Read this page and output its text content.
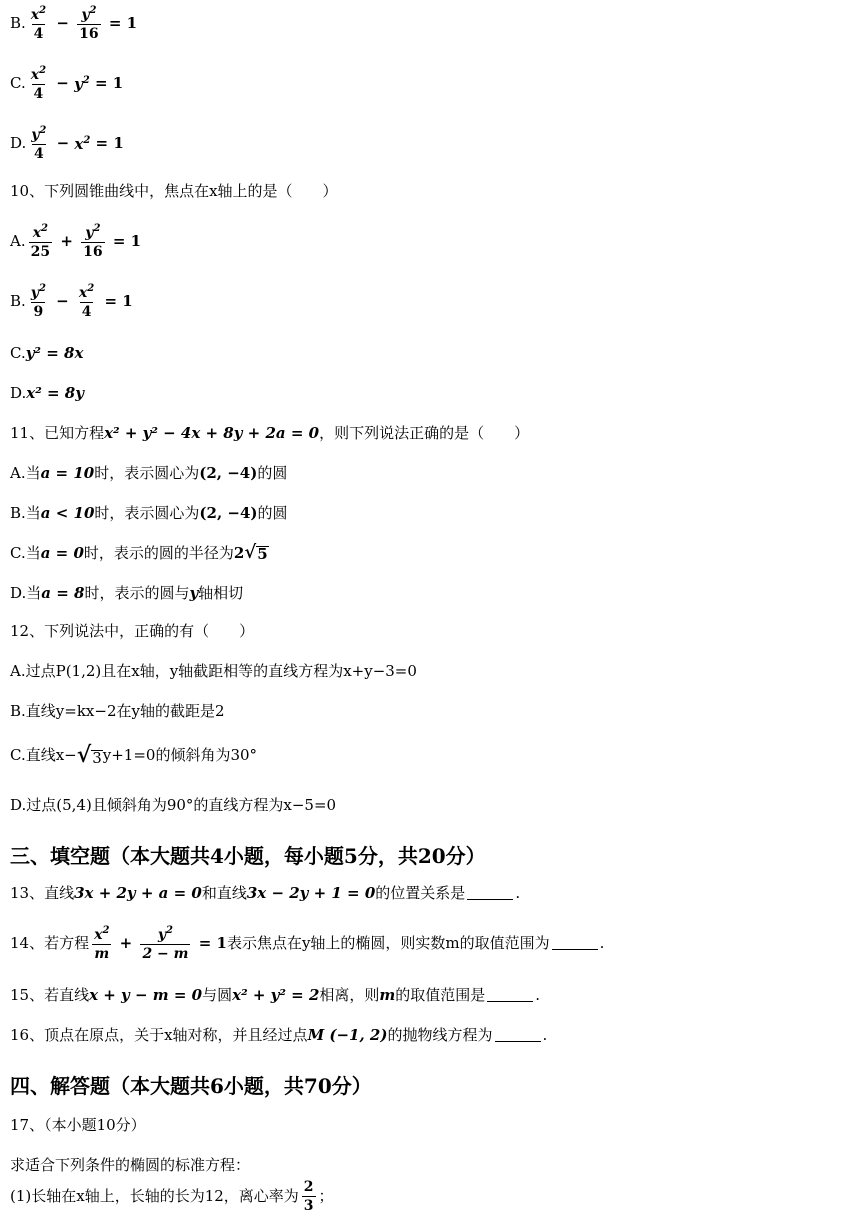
B. $\frac{x^2}{4} - \frac{y^2}{16} = 1$
C. $\frac{x^2}{4} - y^2 = 1$
D. $\frac{y^2}{4} - x^2 = 1$
10、下列圆锥曲线中，焦点在x轴上的是（　　）
A. $\frac{x^2}{25} + \frac{y^2}{16} = 1$
B. $\frac{y^2}{9} - \frac{x^2}{4} = 1$
C. y² = 8x
D. x² = 8y
11、已知方程 x² + y² − 4x + 8y + 2a = 0 ，则下列说法正确的是（　　）
A.当 a = 10 时，表示圆心为 (2, −4) 的圆
B.当 a < 10 时，表示圆心为 (2, −4) 的圆
C.当 a = 0 时，表示的圆的半径为 2 √ 5
D.当 a = 8 时，表示的圆与 y 轴相切
12、下列说法中，正确的有（　　）
A.过点P(1,2)且在x轴，y轴截距相等的直线方程为x+y−3=0
B.直线y=kx−2在y轴的截距是2
C.直线x− √ 3 y+1=0的倾斜角为30°
D.过点(5,4)且倾斜角为90°的直线方程为x−5=0
三、填空题（本大题共4小题，每小题5分，共20分）
13、直线 3x + 2y + a = 0 和直线 3x − 2y + 1 = 0 的位置关系是	.
14、若方程 $\frac{x^2}{m} + \frac{y^2}{2 - m} = 1$ 表示焦点在y轴上的椭圆，则实数m的取值范围为	.
15、若直线 x + y − m = 0 与圆 x² + y² = 2 相离，则 m 的取值范围是	.
16、顶点在原点，关于x轴对称，并且经过点 M (−1, 2) 的抛物线方程为	.
四、解答题（本大题共6小题，共70分）
17、（本小题10分）
求适合下列条件的椭圆的标准方程：
(1)长轴在x轴上，长轴的长为12，离心率为 $\frac{2}{3}$ ；
